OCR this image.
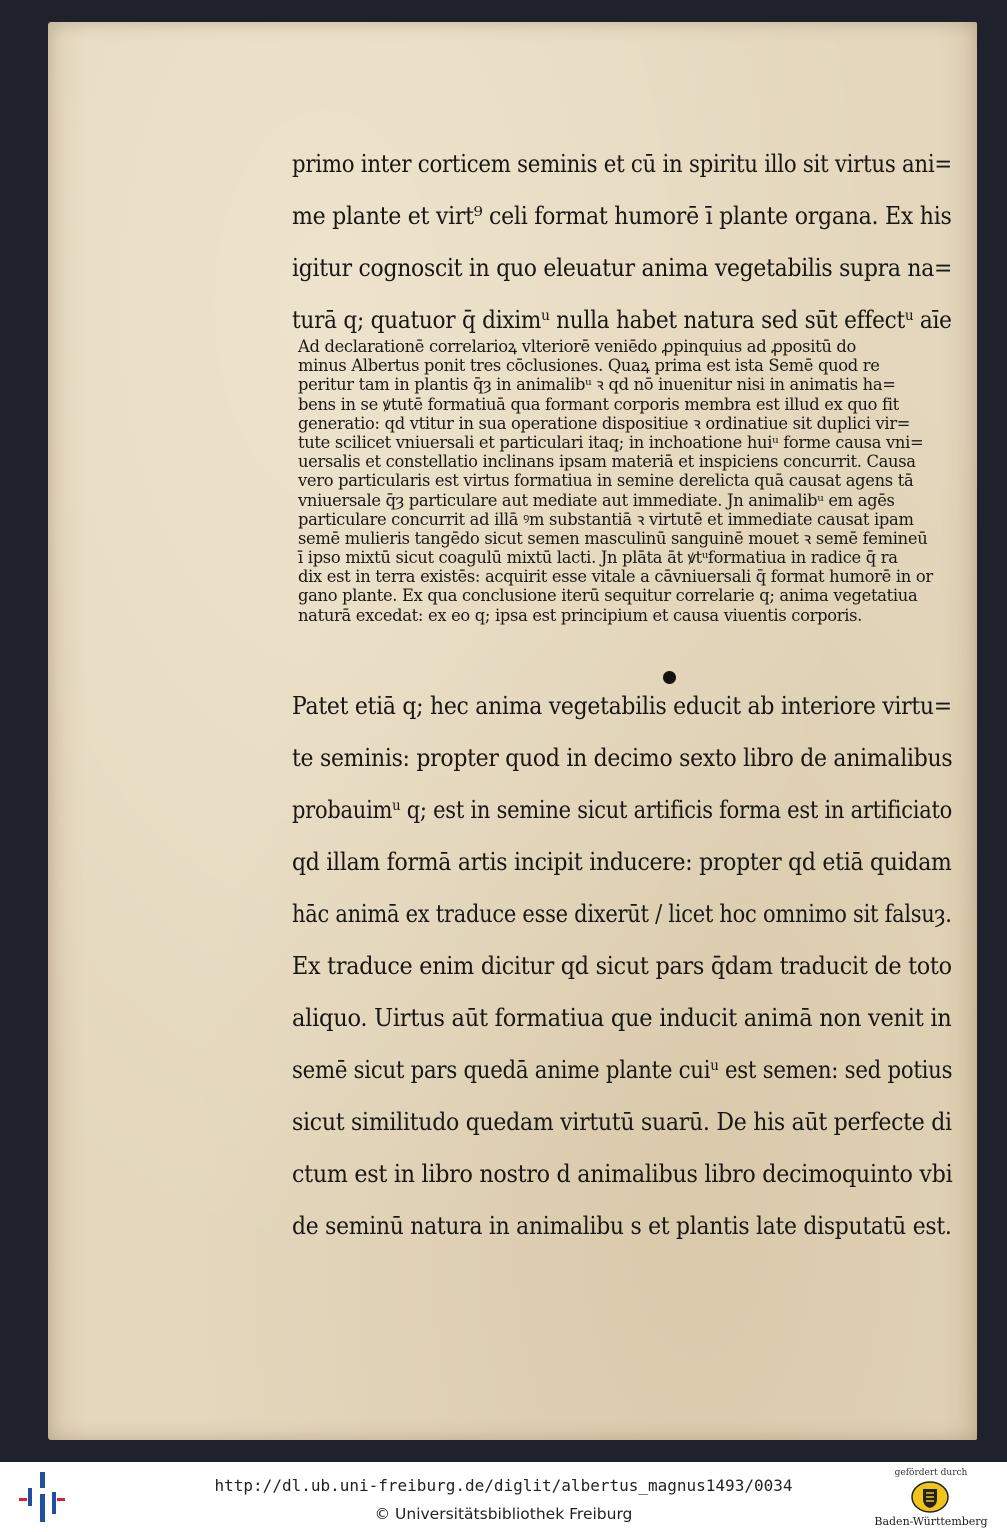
primo inter corticem seminis et cū in spiritu illo sit virtus ani=
me plante et virt⁹ celi format humorē ī plante organa. Ex his
igitur cognoscit in quo eleuatur anima vegetabilis supra na=
turā q; quatuor q̄ diximᵘ nulla habet natura sed sūt effectᵘ aīe
Ad declarationē correlarioꝝ vlteriorē veniēdo ꝓpinquius ad ꝓpositū do
minus Albertus ponit tres cōclusiones. Quaꝝ prima est ista Semē quod re
peritur tam in plantis q̄ȝ in animalibᵘ ꝛ qd nō inuenitur nisi in animatis ha=
bens in se ꝟtutē formatiuā qua formant corporis membra est illud ex quo fit
generatio: qd vtitur in sua operatione dispositiue ꝛ ordinatiue sit duplici vir=
tute scilicet vniuersali et particulari itaq; in inchoatione huiᵘ forme causa vni=
uersalis et constellatio inclinans ipsam materiā et inspiciens concurrit. Causa
vero particularis est virtus formatiua in semine derelicta quā causat agens tā
vniuersale q̄ȝ particulare aut mediate aut immediate. Jn animalibᵘ em agēs
particulare concurrit ad illā ꝰm substantiā ꝛ virtutē et immediate causat ipam
semē mulieris tangēdo sicut semen masculinū sanguinē mouet ꝛ semē femineū
ī ipso mixtū sicut coagulū mixtū lacti. Jn plāta āt ꝟtᵘformatiua in radice q̄ ra
dix est in terra existēs: acquirit esse vitale a cāvniuersali q̄ format humorē in or
gano plante. Ex qua conclusione iterū sequitur correlarie q; anima vegetatiua
naturā excedat: ex eo q; ipsa est principium et causa viuentis corporis.
Patet etiā q; hec anima vegetabilis educit ab interiore virtu=
te seminis: propter quod in decimo sexto libro de animalibus
probauimᵘ q; est in semine sicut artificis forma est in artificiato
qd illam formā artis incipit inducere: propter qd etiā quidam
hāc animā ex traduce esse dixerūt / licet hoc omnimo sit falsuȝ.
Ex traduce enim dicitur qd sicut pars q̄dam traducit de toto
aliquo. Uirtus aūt formatiua que inducit animā non venit in
semē sicut pars quedā anime plante cuiᵘ est semen: sed potius
sicut similitudo quedam virtutū suarū. De his aūt perfecte di
ctum est in libro nostro d animalibus libro decimoquinto vbi
de seminū natura in animalibu s et plantis late disputatū est.
http://dl.ub.uni-freiburg.de/diglit/albertus_magnus1493/0034
© Universitätsbibliothek Freiburg
gefördert durch
Baden-Württemberg
